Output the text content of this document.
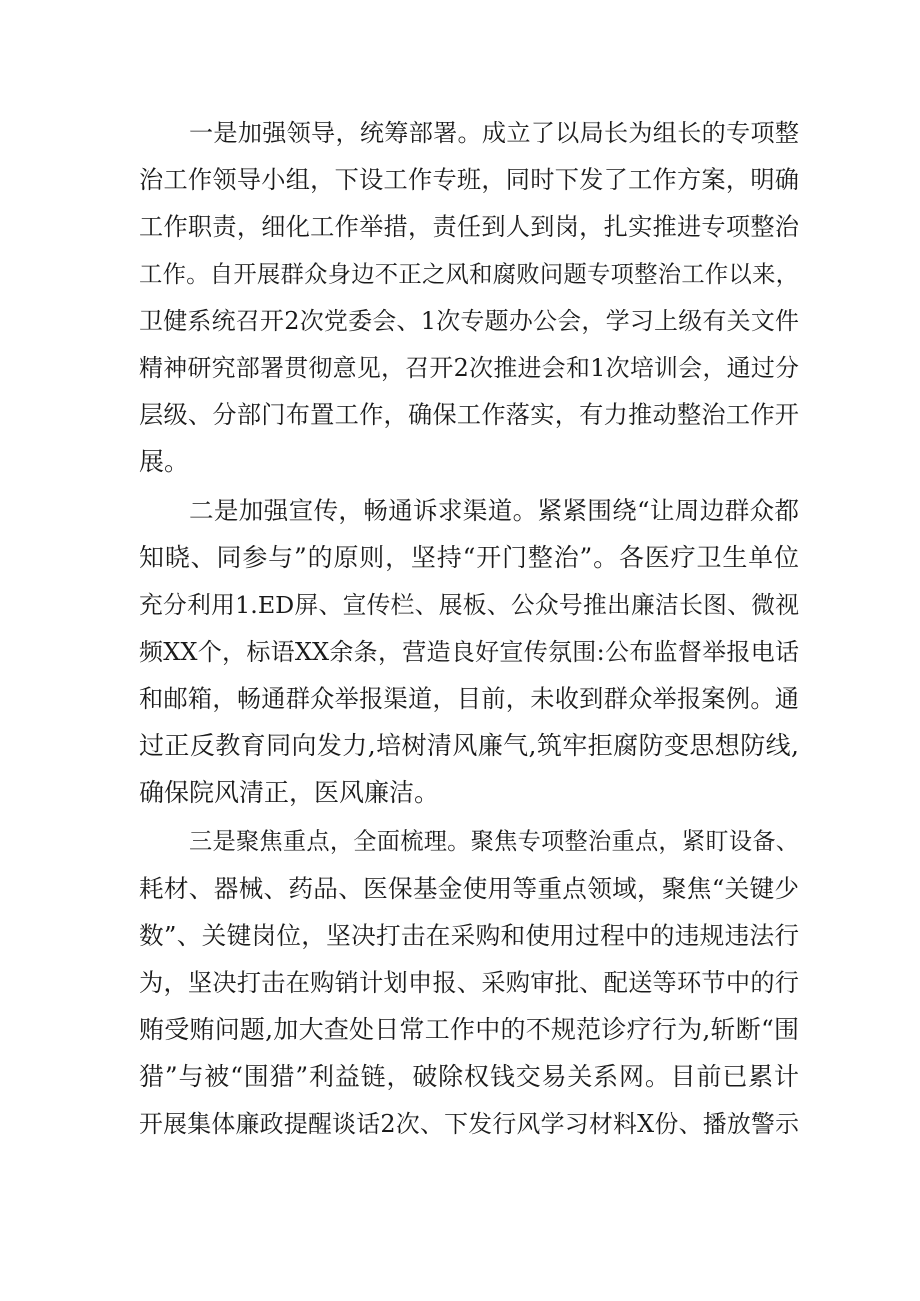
一是加强领导，统筹部署。成立了以局长为组长的专项整
治工作领导小组，下设工作专班，同时下发了工作方案，明确
工作职责，细化工作举措，责任到人到岗，扎实推进专项整治
工作。自开展群众身边不正之风和腐败问题专项整治工作以来，
卫健系统召开2次党委会、1次专题办公会，学习上级有关文件
精神研究部署贯彻意见，召开2次推进会和1次培训会，通过分
层级、分部门布置工作，确保工作落实，有力推动整治工作开
展。
二是加强宣传，畅通诉求渠道。紧紧围绕“让周边群众都
知晓、同参与”的原则，坚持“开门整治”。各医疗卫生单位
充分利用1.ED屏、宣传栏、展板、公众号推出廉洁长图、微视
频XX个，标语XX余条，营造良好宣传氛围:公布监督举报电话
和邮箱，畅通群众举报渠道，目前，未收到群众举报案例。通
过正反教育同向发力,培树清风廉气,筑牢拒腐防变思想防线,
确保院风清正，医风廉洁。
三是聚焦重点，全面梳理。聚焦专项整治重点，紧盯设备、
耗材、器械、药品、医保基金使用等重点领域，聚焦“关键少
数”、关键岗位，坚决打击在采购和使用过程中的违规违法行
为，坚决打击在购销计划申报、采购审批、配送等环节中的行
贿受贿问题,加大查处日常工作中的不规范诊疗行为,斩断“围
猎”与被“围猎”利益链，破除权钱交易关系网。目前已累计
开展集体廉政提醒谈话2次、下发行风学习材料X份、播放警示
